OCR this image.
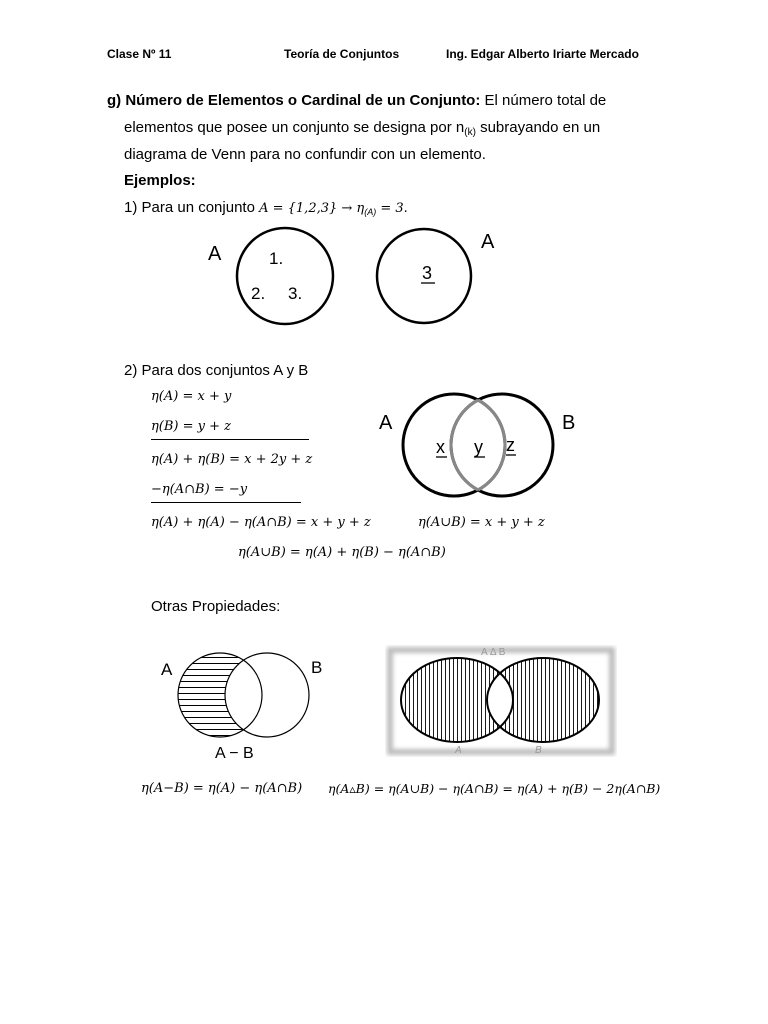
Clase Nº 11	Teoría de Conjuntos	Ing. Edgar Alberto Iriarte Mercado
g) Número de Elementos o Cardinal de un Conjunto: El número total de
elementos que posee un conjunto se designa por $n_{(k)}$ subrayando en un
diagrama de Venn para no confundir con un elemento.
Ejemplos:
1) Para un conjunto $A = \{1,2,3\} \to \eta_{(A)} = 3$.
A	1.
2. 3.
3
A
2) Para dos conjuntos A y B
η(A) = x + y
η(B) = y + z
η(A) + η(B) = x + 2y + z
−η(A∩B) = −y
η(A) + η(A) − η(A∩B) = x + y + z	η(A∪B) = x + y + z
η(A∪B) = η(A) + η(B) − η(A∩B)
A	B
x y z
Otras Propiedades:
A	B
A − B
A Δ B
A	B
η(A−B) = η(A) − η(A∩B) η(A▵B) = η(A∪B) − η(A∩B) = η(A) + η(B) − 2η(A∩B)
